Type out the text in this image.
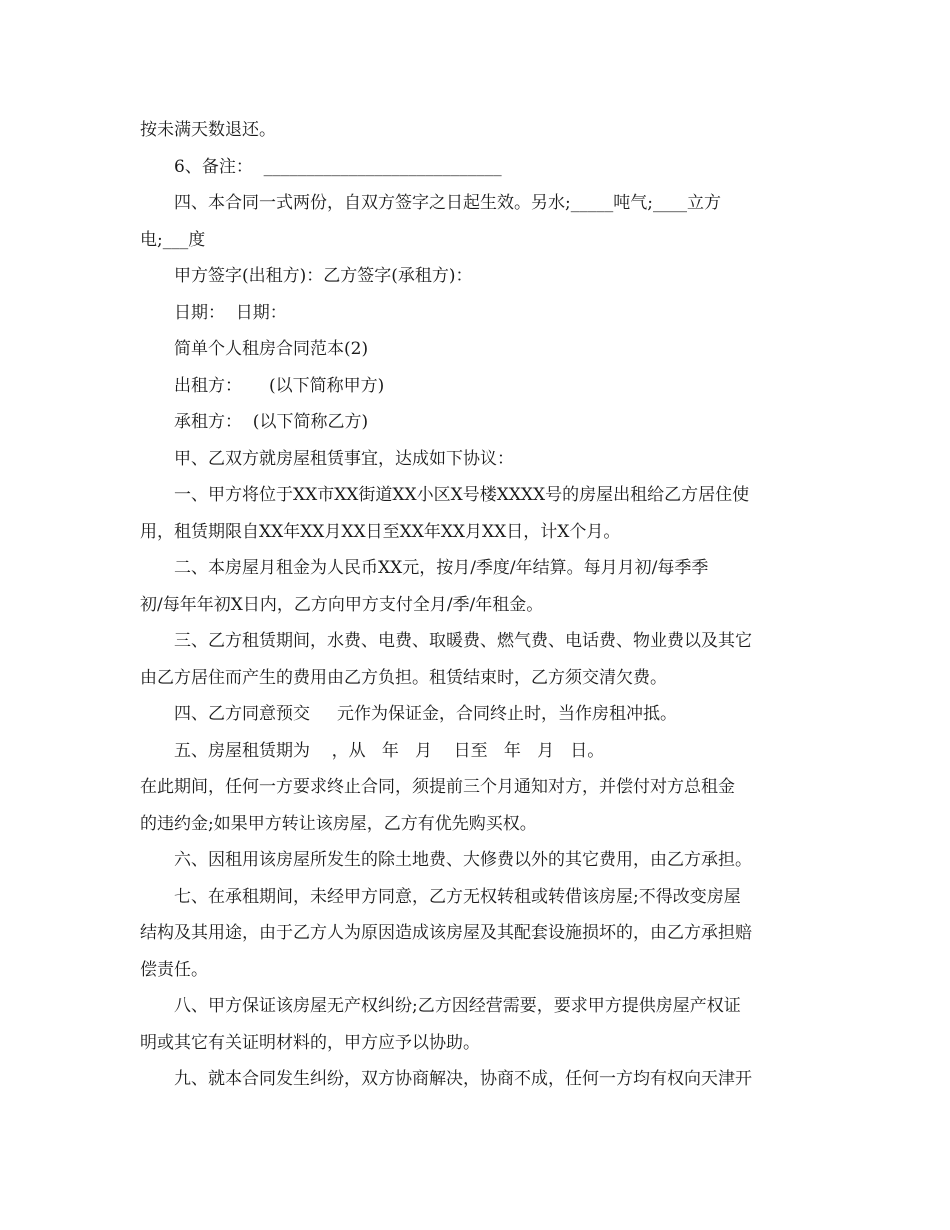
按未满天数退还。
6、备注：  ____________________________
四、本合同一式两份，自双方签字之日起生效。另水;_____吨气;____立方
电;___度
甲方签字(出租方)：乙方签字(承租方)：
日期：  日期：
简单个人租房合同范本(2)
出租方：     (以下简称甲方)
承租方：  (以下简称乙方)
甲、乙双方就房屋租赁事宜，达成如下协议：
一、甲方将位于XX市XX街道XX小区X号楼XXXX号的房屋出租给乙方居住使
用，租赁期限自XX年XX月XX日至XX年XX月XX日，计X个月。
二、本房屋月租金为人民币XX元，按月/季度/年结算。每月月初/每季季
初/每年年初X日内，乙方向甲方支付全月/季/年租金。
三、乙方租赁期间，水费、电费、取暖费、燃气费、电话费、物业费以及其它
由乙方居住而产生的费用由乙方负担。租赁结束时，乙方须交清欠费。
四、乙方同意预交     元作为保证金，合同终止时，当作房租冲抵。
五、房屋租赁期为    ，从   年   月    日至   年   月   日。
在此期间，任何一方要求终止合同，须提前三个月通知对方，并偿付对方总租金
的违约金;如果甲方转让该房屋，乙方有优先购买权。
六、因租用该房屋所发生的除土地费、大修费以外的其它费用，由乙方承担。
七、在承租期间，未经甲方同意，乙方无权转租或转借该房屋;不得改变房屋
结构及其用途，由于乙方人为原因造成该房屋及其配套设施损坏的，由乙方承担赔
偿责任。
八、甲方保证该房屋无产权纠纷;乙方因经营需要，要求甲方提供房屋产权证
明或其它有关证明材料的，甲方应予以协助。
九、就本合同发生纠纷，双方协商解决，协商不成，任何一方均有权向天津开
